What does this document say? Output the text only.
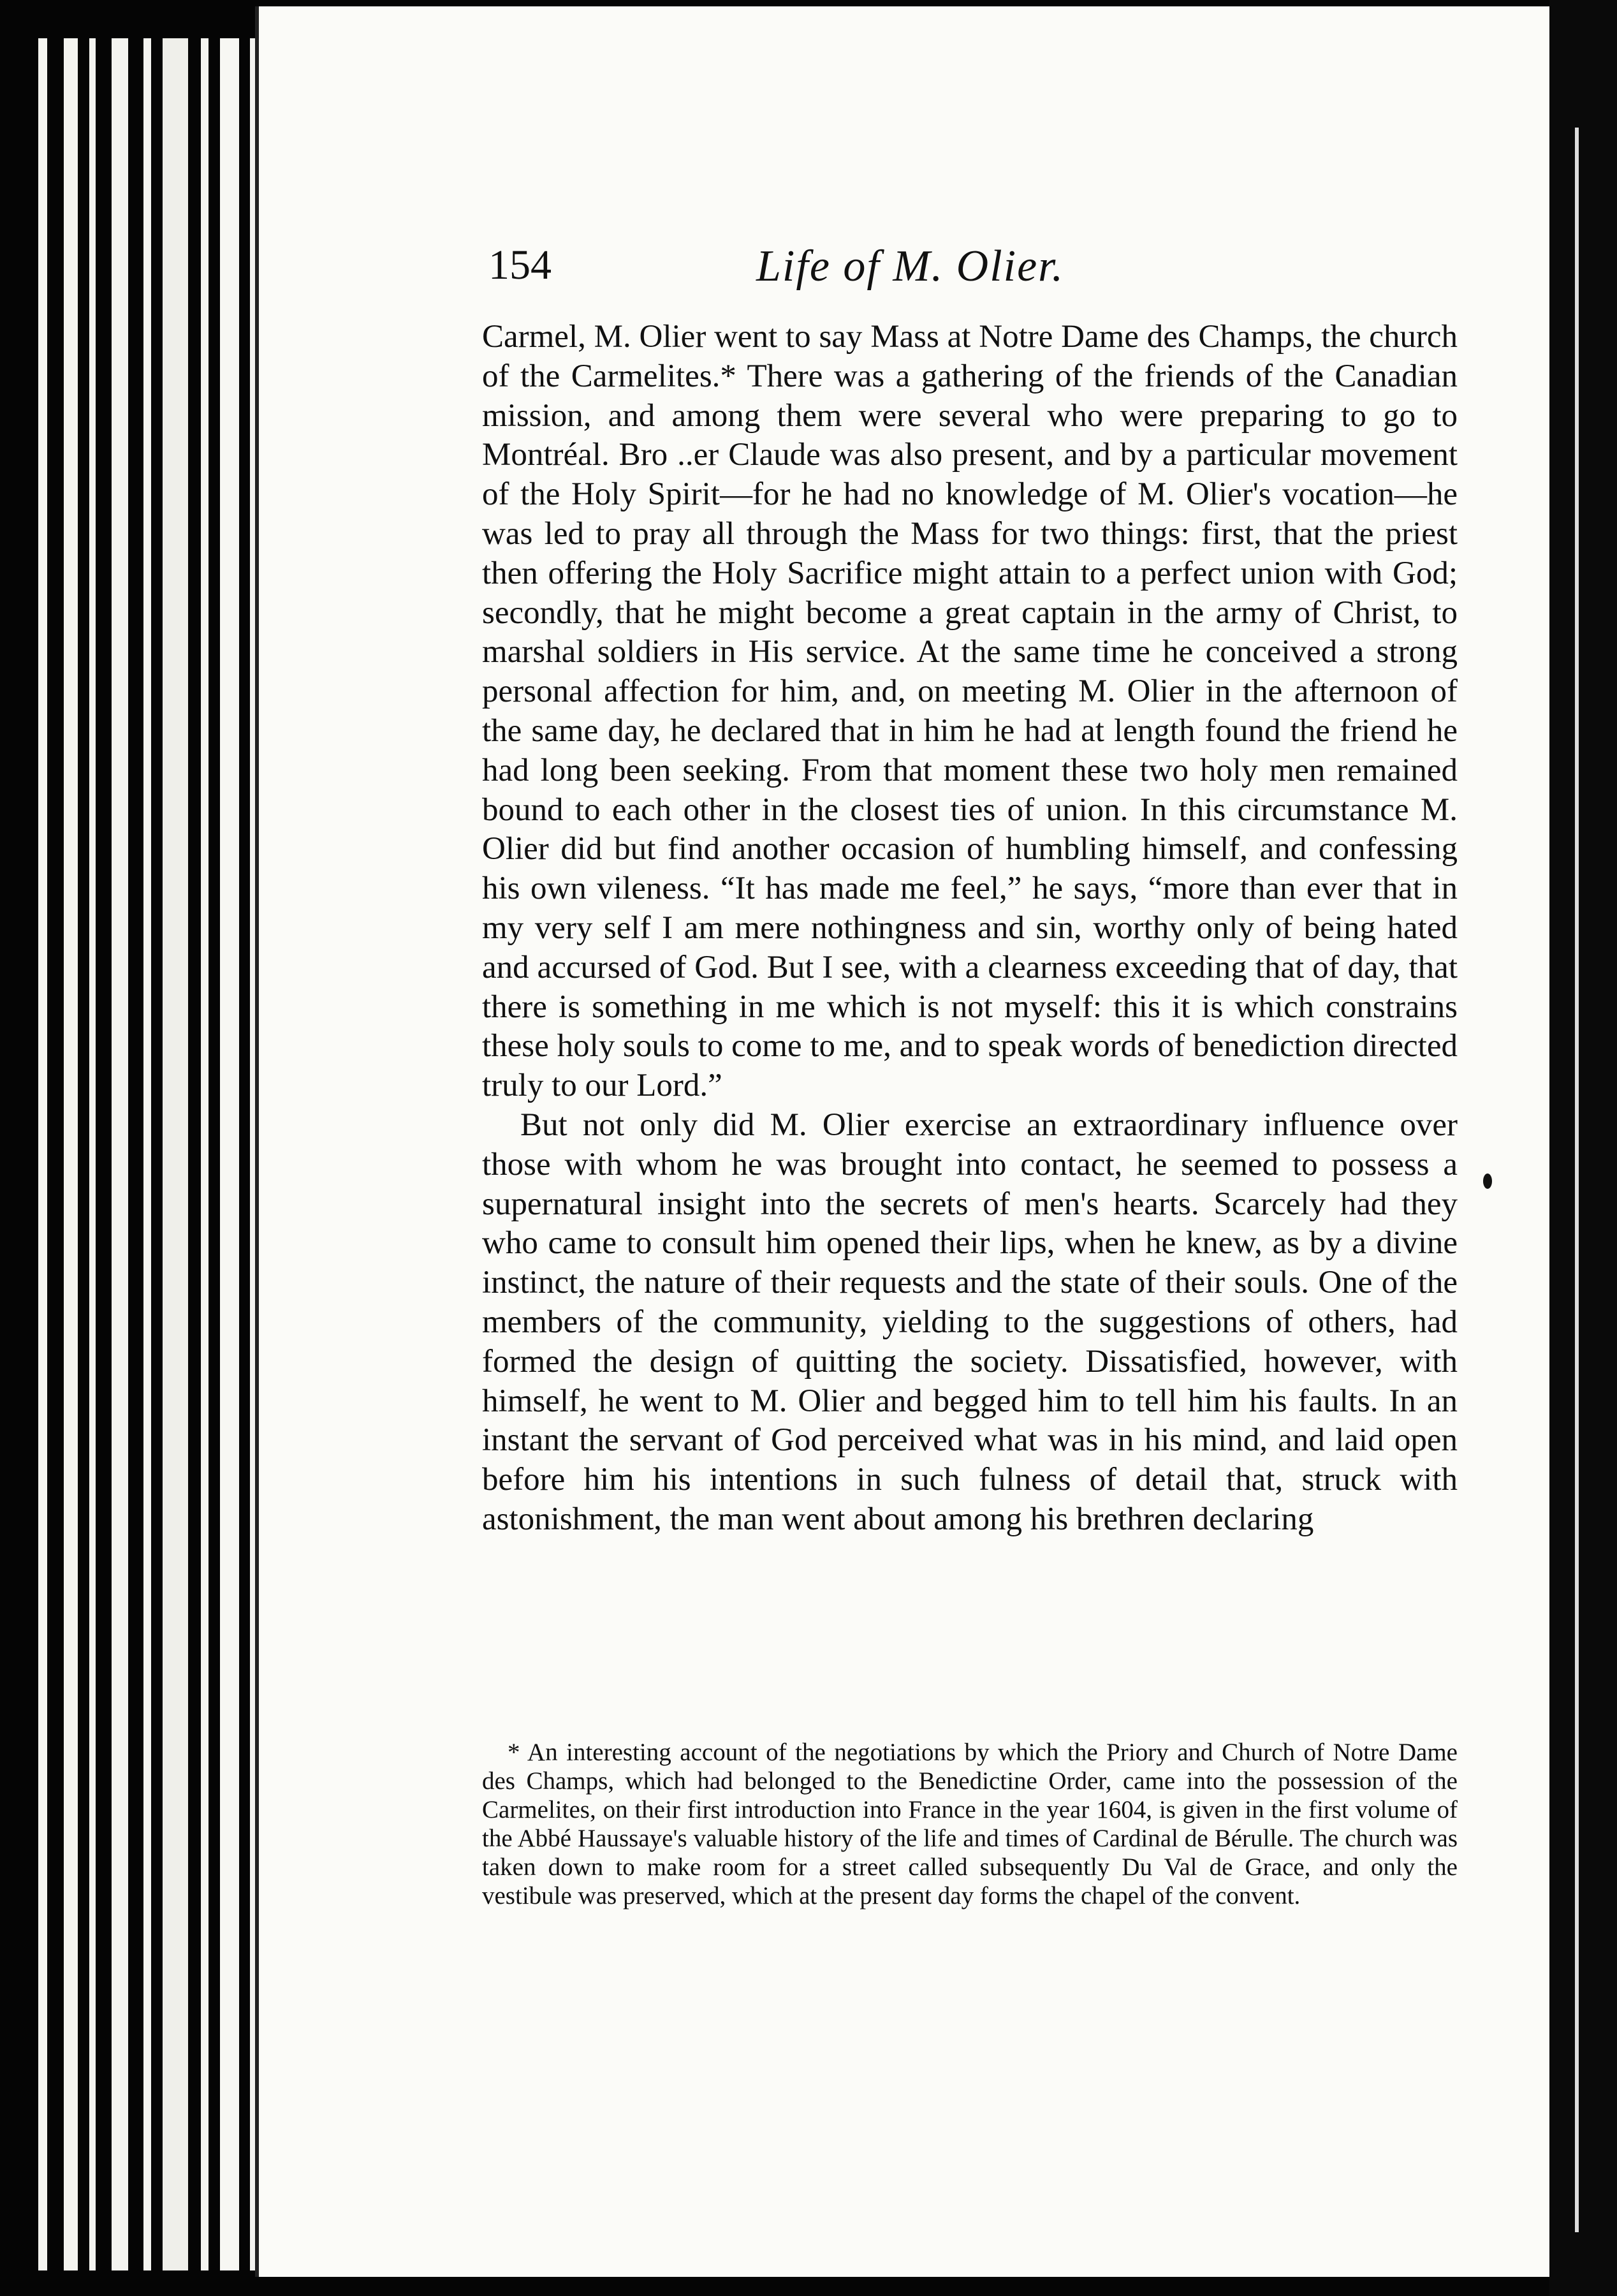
154	Life of M. Olier.

Carmel, M. Olier went to say Mass at Notre Dame des Champs, the church of the Carmelites.* There was a gathering of the friends of the Canadian mission, and among them were several who were preparing to go to Montréal. Bro ..er Claude was also present, and by a particular movement of the Holy Spirit—for he had no knowledge of M. Olier's vocation—he was led to pray all through the Mass for two things: first, that the priest then offering the Holy Sacrifice might attain to a perfect union with God; secondly, that he might become a great captain in the army of Christ, to marshal soldiers in His service. At the same time he conceived a strong personal affection for him, and, on meeting M. Olier in the afternoon of the same day, he declared that in him he had at length found the friend he had long been seeking. From that moment these two holy men remained bound to each other in the closest ties of union. In this circumstance M. Olier did but find another occasion of humbling himself, and confessing his own vileness. “It has made me feel,” he says, “more than ever that in my very self I am mere nothingness and sin, worthy only of being hated and accursed of God. But I see, with a clearness exceeding that of day, that there is something in me which is not myself: this it is which constrains these holy souls to come to me, and to speak words of benediction directed truly to our Lord.”

But not only did M. Olier exercise an extraordinary influence over those with whom he was brought into contact, he seemed to possess a supernatural insight into the secrets of men's hearts. Scarcely had they who came to consult him opened their lips, when he knew, as by a divine instinct, the nature of their requests and the state of their souls. One of the members of the community, yielding to the suggestions of others, had formed the design of quitting the society. Dissatisfied, however, with himself, he went to M. Olier and begged him to tell him his faults. In an instant the servant of God perceived what was in his mind, and laid open before him his intentions in such fulness of detail that, struck with astonishment, the man went about among his brethren declaring

* An interesting account of the negotiations by which the Priory and Church of Notre Dame des Champs, which had belonged to the Benedictine Order, came into the possession of the Carmelites, on their first introduction into France in the year 1604, is given in the first volume of the Abbé Haussaye's valuable history of the life and times of Cardinal de Bérulle. The church was taken down to make room for a street called subsequently Du Val de Grace, and only the vestibule was preserved, which at the present day forms the chapel of the convent.
